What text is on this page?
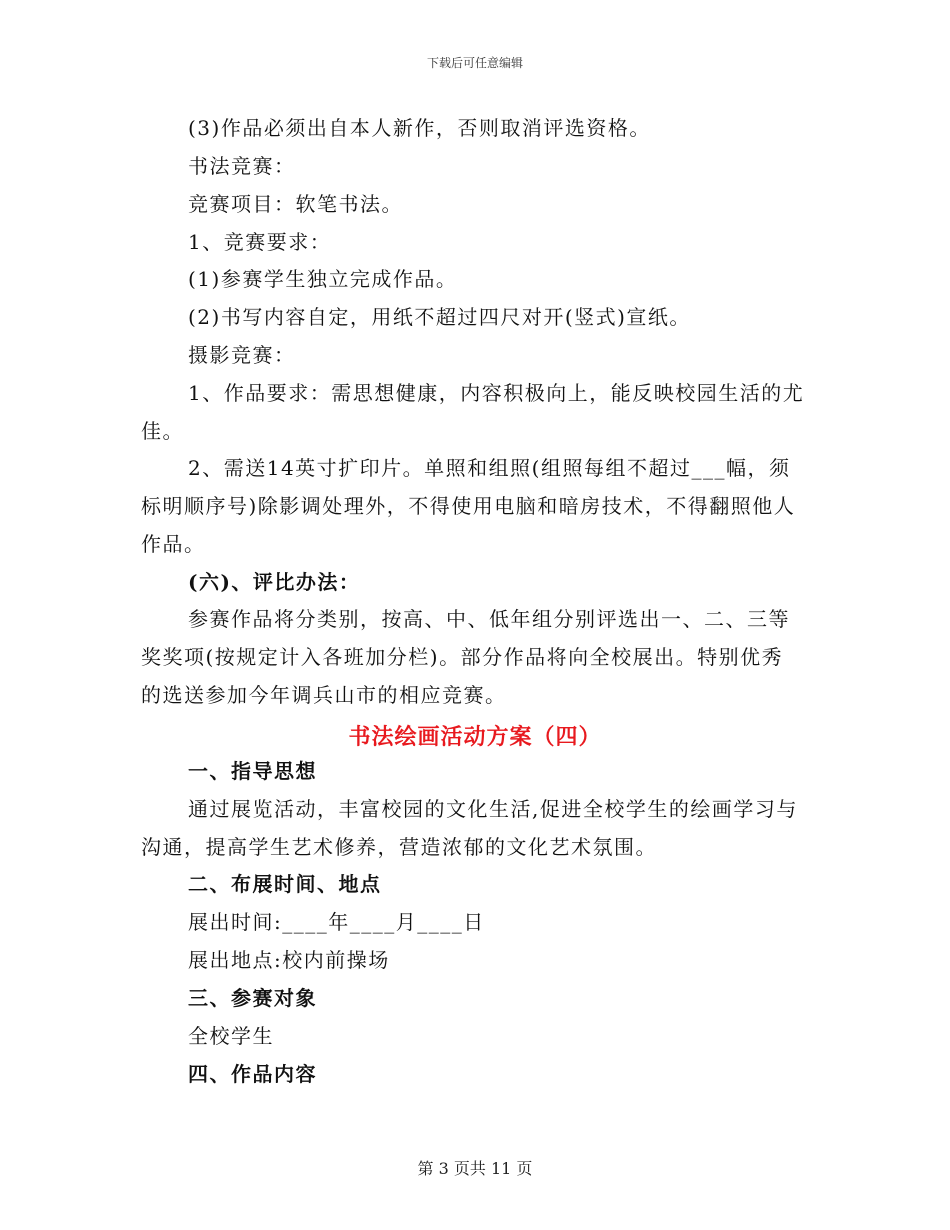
下载后可任意编辑
(3)作品必须出自本人新作，否则取消评选资格。
书法竞赛：
竞赛项目：软笔书法。
1、竞赛要求：
(1)参赛学生独立完成作品。
(2)书写内容自定，用纸不超过四尺对开(竖式)宣纸。
摄影竞赛：
1、作品要求：需思想健康，内容积极向上，能反映校园生活的尤
佳。
2、需送14英寸扩印片。单照和组照(组照每组不超过___幅，须
标明顺序号)除影调处理外，不得使用电脑和暗房技术，不得翻照他人
作品。
(六)、评比办法：
参赛作品将分类别，按高、中、低年组分别评选出一、二、三等
奖奖项(按规定计入各班加分栏)。部分作品将向全校展出。特别优秀
的选送参加今年调兵山市的相应竞赛。
书法绘画活动方案（四）
一、指导思想
通过展览活动，丰富校园的文化生活,促进全校学生的绘画学习与
沟通，提高学生艺术修养，营造浓郁的文化艺术氛围。
二、布展时间、地点
展出时间:____年____月____日
展出地点:校内前操场
三、参赛对象
全校学生
四、作品内容
第 3 页共 11 页
